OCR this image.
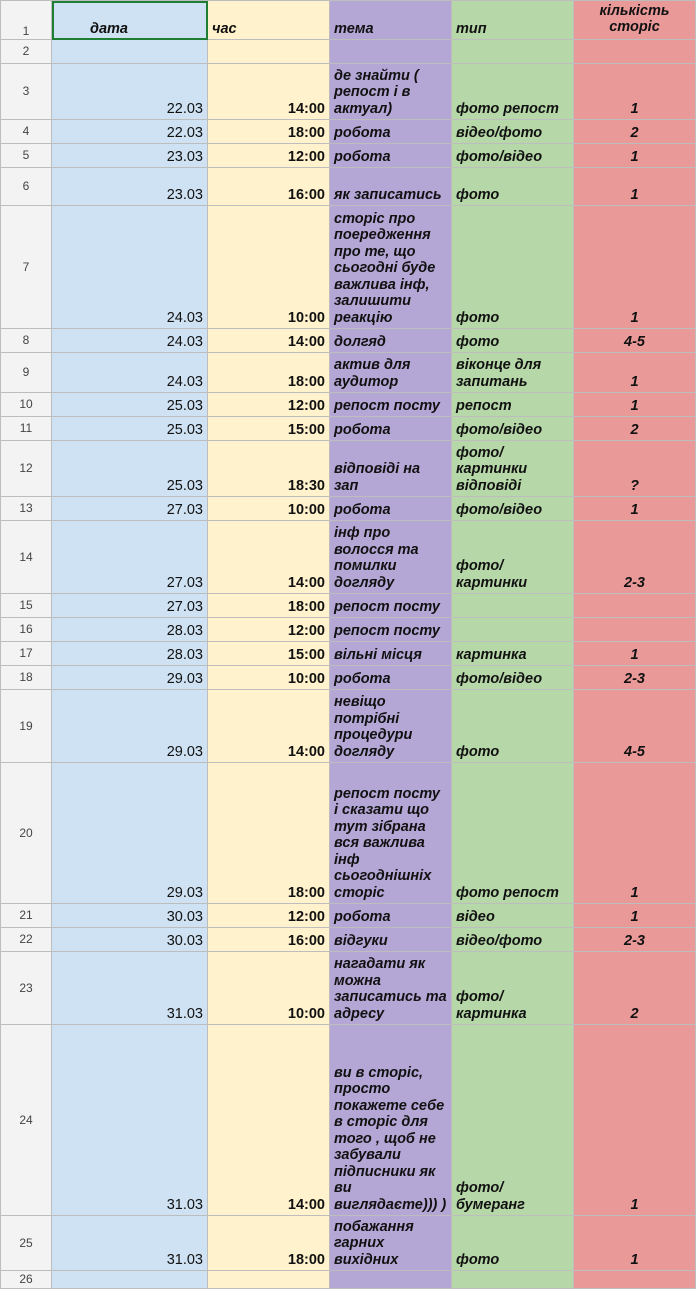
1	дата	час	тема	тип	кількість сторіс
2					
3	22.03	14:00	де знайти ( репост і в актуал)	фото репост	1
4	22.03	18:00	робота	відео/фото	2
5	23.03	12:00	робота	фото/відео	1
6	23.03	16:00	як записатись	фото	1
7	24.03	10:00	сторіс про поередження про те, що сьогодні буде важлива інф, залишити реакцію	фото	1
8	24.03	14:00	долгяд	фото	4-5
9	24.03	18:00	актив для аудитор	віконце для запитань	1
10	25.03	12:00	репост посту	репост	1
11	25.03	15:00	робота	фото/відео	2
12	25.03	18:30	відповіді на зап	фото/ картинки відповіді	?
13	27.03	10:00	робота	фото/відео	1
14	27.03	14:00	інф про волосся та помилки догляду	фото/ картинки	2-3
15	27.03	18:00	репост посту		
16	28.03	12:00	репост посту		
17	28.03	15:00	вільні місця	картинка	1
18	29.03	10:00	робота	фото/відео	2-3
19	29.03	14:00	невіщо потрібні процедури догляду	фото	4-5
20	29.03	18:00	репост посту і сказати що тут зібрана вся важлива інф сьогоднішніх сторіс	фото репост	1
21	30.03	12:00	робота	відео	1
22	30.03	16:00	відгуки	відео/фото	2-3
23	31.03	10:00	нагадати як можна записатись та адресу	фото/ картинка	2
24	31.03	14:00	ви в сторіс, просто покажете себе в сторіс для того , щоб не забували підписники як ви виглядаєте))) )	фото/бумеранг	1
25	31.03	18:00	побажання гарних вихідних	фото	1
26					
